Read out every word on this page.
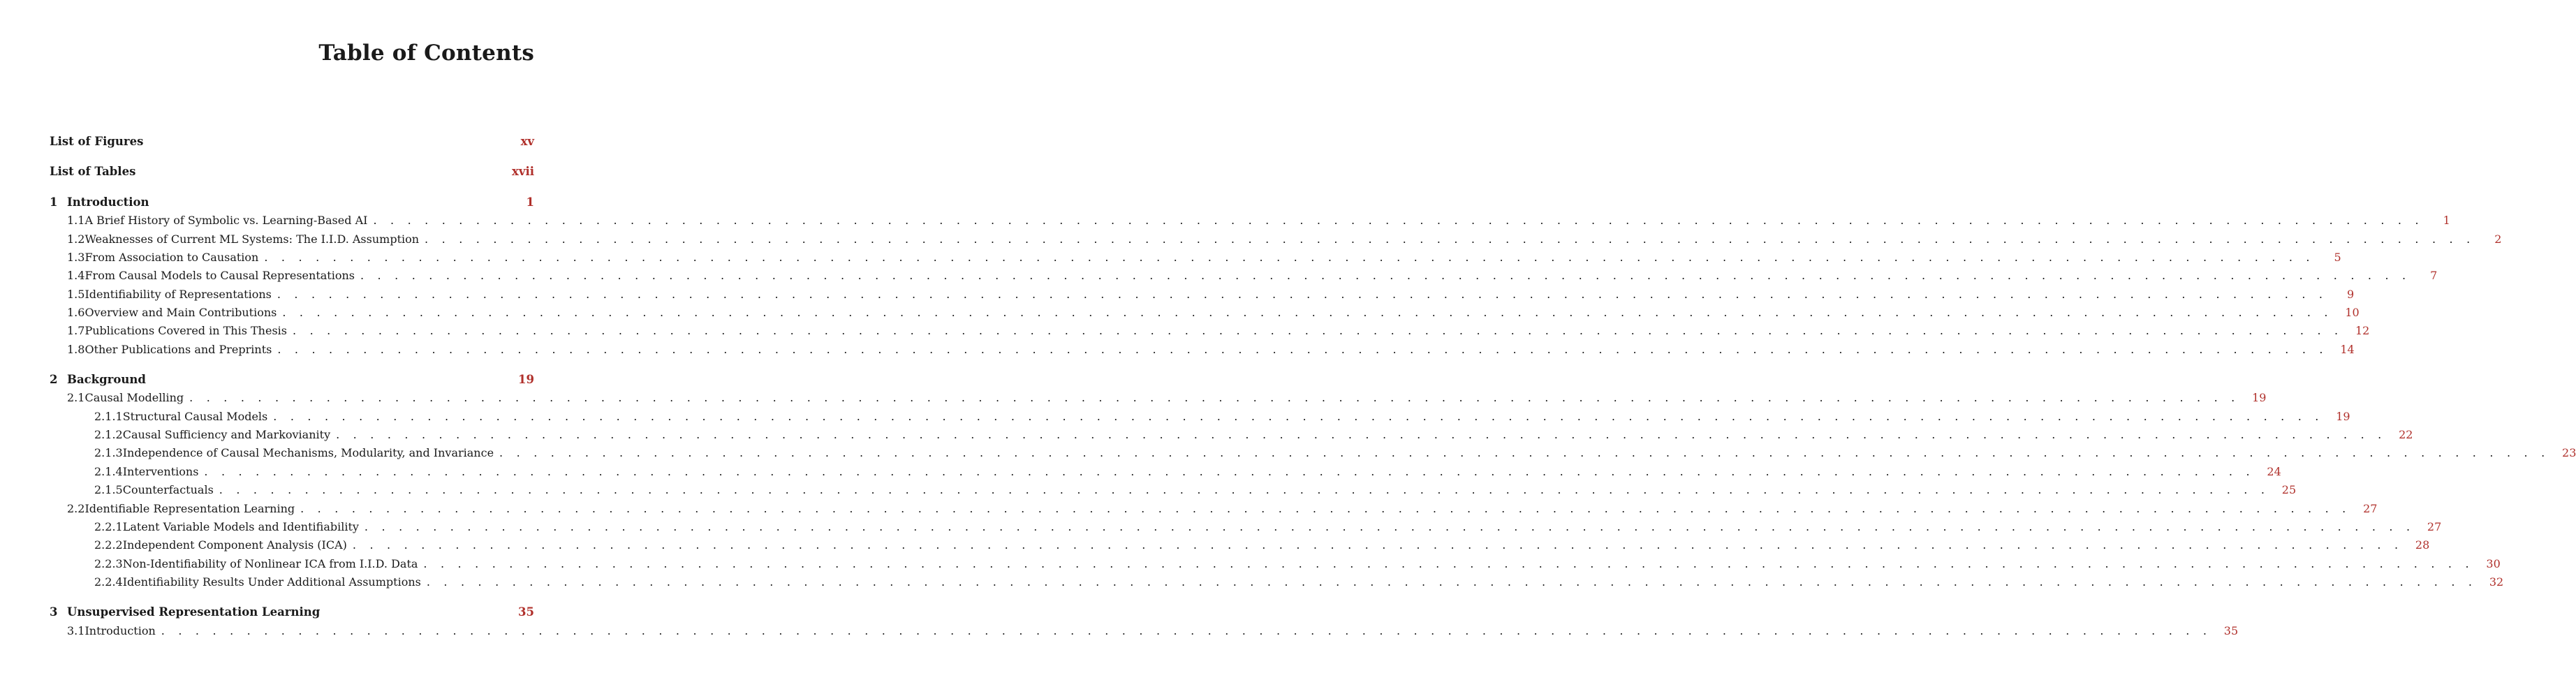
Table of Contents
List of Figures	xv
List of Tables	xvii
1 Introduction	1
1.1 A Brief History of Symbolic vs. Learning-Based AI . . . . . . . . . . . . . . . . . . . . . . . . . . . . . . . . . . . . . . . . . . . . . . . . . . . . . . . . . . . . . . . . . . . . . . . . . . . . . . . . . . . . . . . . . . . . . . . . . . . . . . . . . . . . . . . . . . . . . . . .	1
1.2 Weaknesses of Current ML Systems: The I.I.D. Assumption . . . . . . . . . . . . . . . . . . . . . . . . . . . . . . . . . . . . . . . . . . . . . . . . . . . . . . . . . . . . . . . . . . . . . . . . . . . . . . . . . . . . . . . . . . . . . . . . . . . . . . . . . . . . . . . . . . . . . . . .	2
1.3 From Association to Causation . . . . . . . . . . . . . . . . . . . . . . . . . . . . . . . . . . . . . . . . . . . . . . . . . . . . . . . . . . . . . . . . . . . . . . . . . . . . . . . . . . . . . . . . . . . . . . . . . . . . . . . . . . . . . . . . . . . . . . . .	5
1.4 From Causal Models to Causal Representations . . . . . . . . . . . . . . . . . . . . . . . . . . . . . . . . . . . . . . . . . . . . . . . . . . . . . . . . . . . . . . . . . . . . . . . . . . . . . . . . . . . . . . . . . . . . . . . . . . . . . . . . . . . . . . . . . . . . . . . .	7
1.5 Identifiability of Representations . . . . . . . . . . . . . . . . . . . . . . . . . . . . . . . . . . . . . . . . . . . . . . . . . . . . . . . . . . . . . . . . . . . . . . . . . . . . . . . . . . . . . . . . . . . . . . . . . . . . . . . . . . . . . . . . . . . . . . . .	9
1.6 Overview and Main Contributions . . . . . . . . . . . . . . . . . . . . . . . . . . . . . . . . . . . . . . . . . . . . . . . . . . . . . . . . . . . . . . . . . . . . . . . . . . . . . . . . . . . . . . . . . . . . . . . . . . . . . . . . . . . . . . . . . . . . . . . .	10
1.7 Publications Covered in This Thesis . . . . . . . . . . . . . . . . . . . . . . . . . . . . . . . . . . . . . . . . . . . . . . . . . . . . . . . . . . . . . . . . . . . . . . . . . . . . . . . . . . . . . . . . . . . . . . . . . . . . . . . . . . . . . . . . . . . . . . . .	12
1.8 Other Publications and Preprints . . . . . . . . . . . . . . . . . . . . . . . . . . . . . . . . . . . . . . . . . . . . . . . . . . . . . . . . . . . . . . . . . . . . . . . . . . . . . . . . . . . . . . . . . . . . . . . . . . . . . . . . . . . . . . . . . . . . . . . .	14
2 Background	19
2.1 Causal Modelling . . . . . . . . . . . . . . . . . . . . . . . . . . . . . . . . . . . . . . . . . . . . . . . . . . . . . . . . . . . . . . . . . . . . . . . . . . . . . . . . . . . . . . . . . . . . . . . . . . . . . . . . . . . . . . . . . . . . . . . .	19
2.1.1 Structural Causal Models . . . . . . . . . . . . . . . . . . . . . . . . . . . . . . . . . . . . . . . . . . . . . . . . . . . . . . . . . . . . . . . . . . . . . . . . . . . . . . . . . . . . . . . . . . . . . . . . . . . . . . . . . . . . . . . . . . . . . . . .	19
2.1.2 Causal Sufficiency and Markovianity . . . . . . . . . . . . . . . . . . . . . . . . . . . . . . . . . . . . . . . . . . . . . . . . . . . . . . . . . . . . . . . . . . . . . . . . . . . . . . . . . . . . . . . . . . . . . . . . . . . . . . . . . . . . . . . . . . . . . . . .	22
2.1.3 Independence of Causal Mechanisms, Modularity, and Invariance . . . . . . . . . . . . . . . . . . . . . . . . . . . . . . . . . . . . . . . . . . . . . . . . . . . . . . . . . . . . . . . . . . . . . . . . . . . . . . . . . . . . . . . . . . . . . . . . . . . . . . . . . . . . . . . . . . . . . . . .	23
2.1.4 Interventions . . . . . . . . . . . . . . . . . . . . . . . . . . . . . . . . . . . . . . . . . . . . . . . . . . . . . . . . . . . . . . . . . . . . . . . . . . . . . . . . . . . . . . . . . . . . . . . . . . . . . . . . . . . . . . . . . . . . . . . .	24
2.1.5 Counterfactuals . . . . . . . . . . . . . . . . . . . . . . . . . . . . . . . . . . . . . . . . . . . . . . . . . . . . . . . . . . . . . . . . . . . . . . . . . . . . . . . . . . . . . . . . . . . . . . . . . . . . . . . . . . . . . . . . . . . . . . . .	25
2.2 Identifiable Representation Learning . . . . . . . . . . . . . . . . . . . . . . . . . . . . . . . . . . . . . . . . . . . . . . . . . . . . . . . . . . . . . . . . . . . . . . . . . . . . . . . . . . . . . . . . . . . . . . . . . . . . . . . . . . . . . . . . . . . . . . . .	27
2.2.1 Latent Variable Models and Identifiability . . . . . . . . . . . . . . . . . . . . . . . . . . . . . . . . . . . . . . . . . . . . . . . . . . . . . . . . . . . . . . . . . . . . . . . . . . . . . . . . . . . . . . . . . . . . . . . . . . . . . . . . . . . . . . . . . . . . . . . .	27
2.2.2 Independent Component Analysis (ICA) . . . . . . . . . . . . . . . . . . . . . . . . . . . . . . . . . . . . . . . . . . . . . . . . . . . . . . . . . . . . . . . . . . . . . . . . . . . . . . . . . . . . . . . . . . . . . . . . . . . . . . . . . . . . . . . . . . . . . . . .	28
2.2.3 Non-Identifiability of Nonlinear ICA from I.I.D. Data . . . . . . . . . . . . . . . . . . . . . . . . . . . . . . . . . . . . . . . . . . . . . . . . . . . . . . . . . . . . . . . . . . . . . . . . . . . . . . . . . . . . . . . . . . . . . . . . . . . . . . . . . . . . . . . . . . . . . . . .	30
2.2.4 Identifiability Results Under Additional Assumptions . . . . . . . . . . . . . . . . . . . . . . . . . . . . . . . . . . . . . . . . . . . . . . . . . . . . . . . . . . . . . . . . . . . . . . . . . . . . . . . . . . . . . . . . . . . . . . . . . . . . . . . . . . . . . . . . . . . . . . . .	32
3 Unsupervised Representation Learning	35
3.1 Introduction . . . . . . . . . . . . . . . . . . . . . . . . . . . . . . . . . . . . . . . . . . . . . . . . . . . . . . . . . . . . . . . . . . . . . . . . . . . . . . . . . . . . . . . . . . . . . . . . . . . . . . . . . . . . . . . . . . . . . . . .	35
